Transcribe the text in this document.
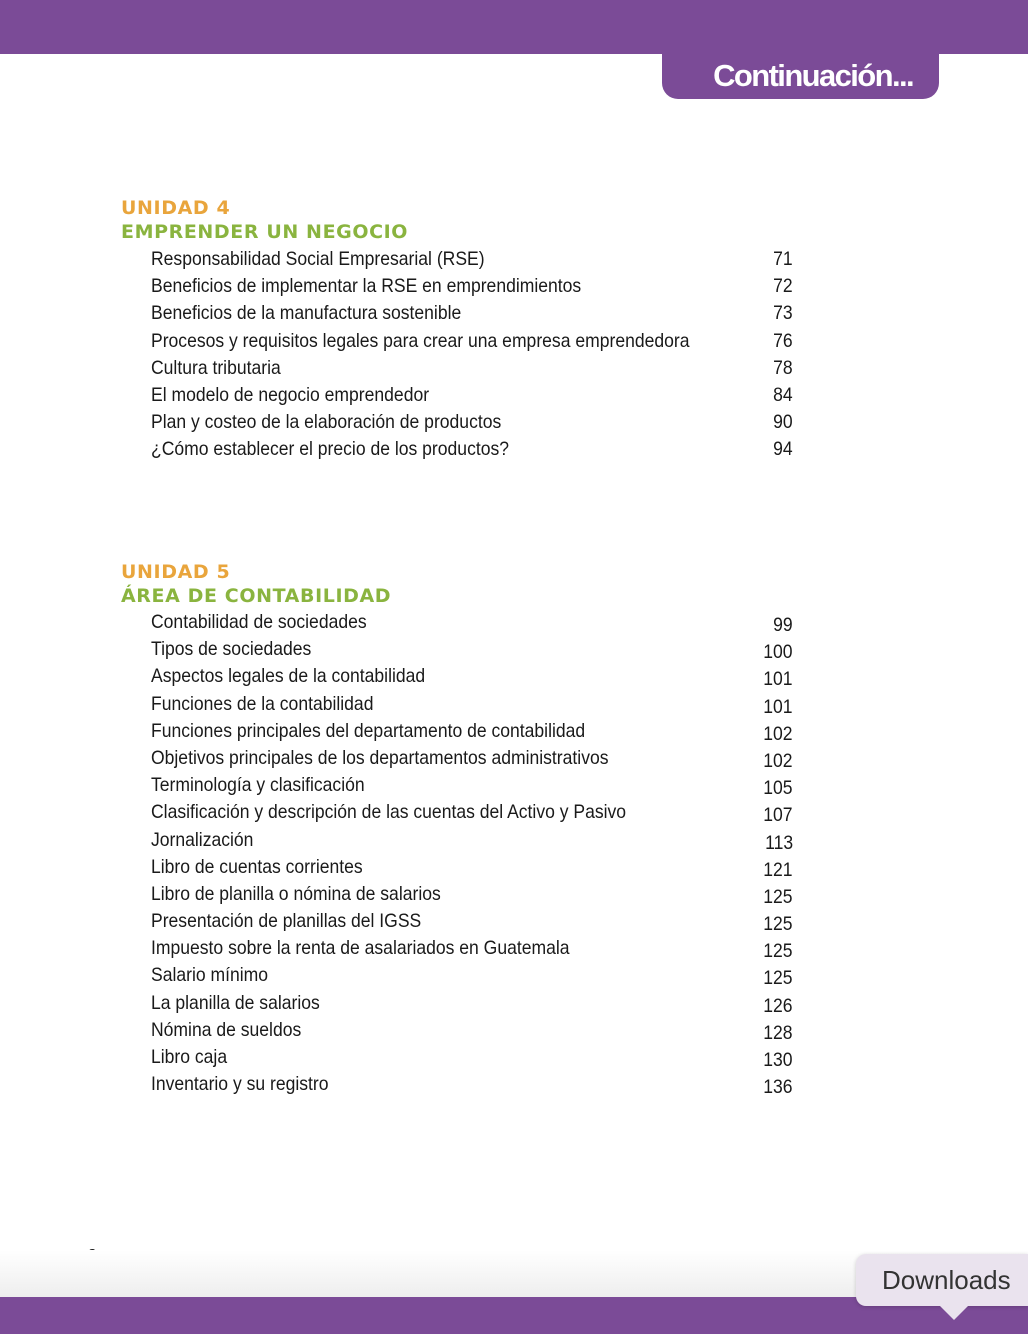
Continuación...
UNIDAD 4
EMPRENDER UN NEGOCIO
Responsabilidad Social Empresarial (RSE)	71
Beneficios de implementar la RSE en emprendimientos	72
Beneficios de la manufactura sostenible	73
Procesos y requisitos legales para crear una empresa emprendedora	76
Cultura tributaria	78
El modelo de negocio emprendedor	84
Plan y costeo de la elaboración de productos	90
¿Cómo establecer el precio de los productos?	94
UNIDAD 5
ÁREA DE CONTABILIDAD
Contabilidad de sociedades	99
Tipos de sociedades	100
Aspectos legales de la contabilidad	101
Funciones de la contabilidad	101
Funciones principales del departamento de contabilidad	102
Objetivos principales de los departamentos administrativos	102
Terminología y clasificación	105
Clasificación y descripción de las cuentas del Activo y Pasivo	107
Jornalización	113
Libro de cuentas corrientes	121
Libro de planilla o nómina de salarios	125
Presentación de planillas del IGSS	125
Impuesto sobre la renta de asalariados en Guatemala	125
Salario mínimo	125
La planilla de salarios	126
Nómina de sueldos	128
Libro caja	130
Inventario y su registro	136
Downloads
